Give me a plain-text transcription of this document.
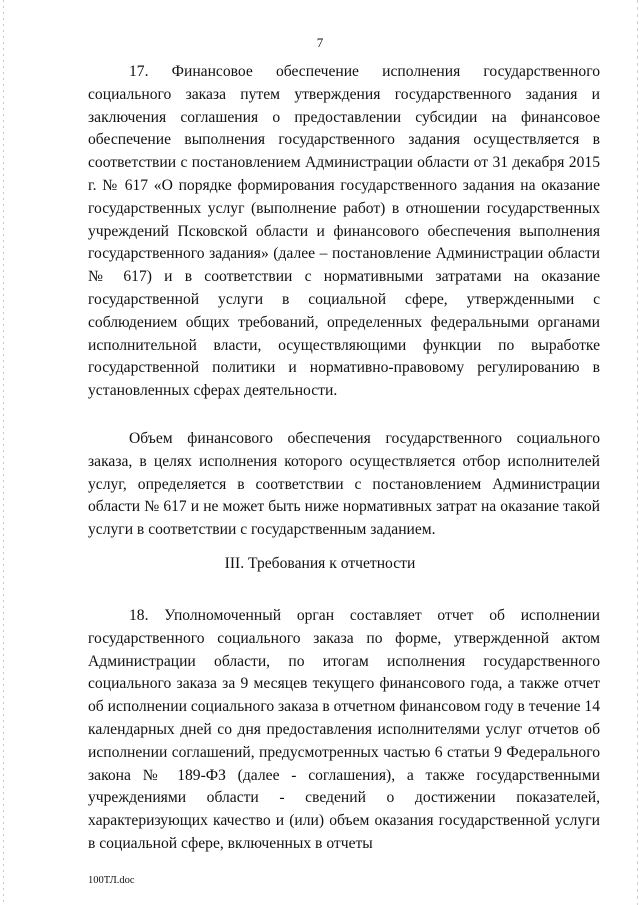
7

17. Финансовое обеспечение исполнения государственного социального заказа путем утверждения государственного задания и заключения соглашения о предоставлении субсидии на финансовое обеспечение выполнения государственного задания осуществляется в соответствии с постановлением Администрации области от 31 декабря 2015 г. № 617 «О порядке формирования государственного задания на оказание государственных услуг (выполнение работ) в отношении государственных учреждений Псковской области и финансового обеспечения выполнения государственного задания» (далее – постановление Администрации области № 617) и в соответствии с нормативными затратами на оказание государственной услуги в социальной сфере, утвержденными с соблюдением общих требований, определенных федеральными органами исполнительной власти, осуществляющими функции по выработке государственной политики и нормативно-правовому регулированию в установленных сферах деятельности.

Объем финансового обеспечения государственного социального заказа, в целях исполнения которого осуществляется отбор исполнителей услуг, определяется в соответствии с постановлением Администрации области № 617 и не может быть ниже нормативных затрат на оказание такой услуги в соответствии с государственным заданием.

III. Требования к отчетности

18. Уполномоченный орган составляет отчет об исполнении государственного социального заказа по форме, утвержденной актом Администрации области, по итогам исполнения государственного социального заказа за 9 месяцев текущего финансового года, а также отчет об исполнении социального заказа в отчетном финансовом году в течение 14 календарных дней со дня предоставления исполнителями услуг отчетов об исполнении соглашений, предусмотренных частью 6 статьи 9 Федерального закона № 189-ФЗ (далее - соглашения), а также государственными учреждениями области - сведений о достижении показателей, характеризующих качество и (или) объем оказания государственной услуги в социальной сфере, включенных в отчеты

100ТЛ.doc
